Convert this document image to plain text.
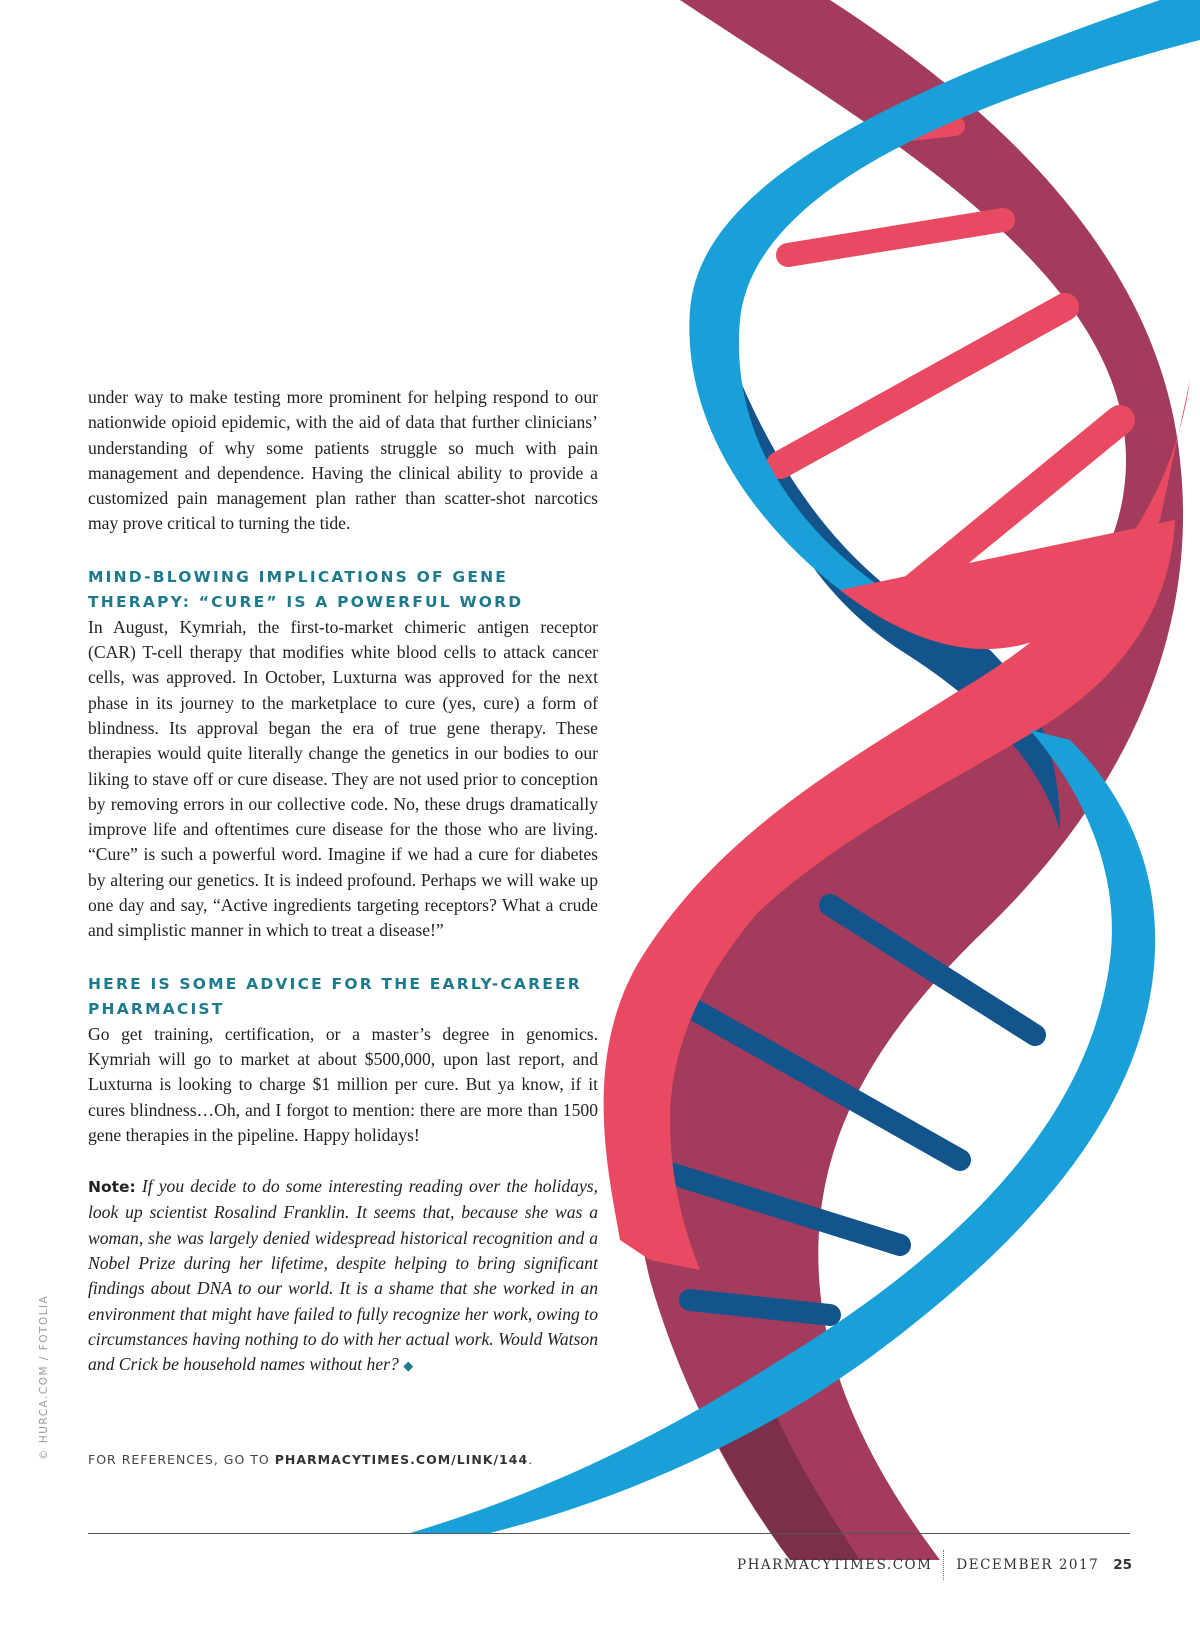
under way to make testing more prominent for helping respond to our nationwide opioid epidemic, with the aid of data that further clinicians’ understanding of why some patients struggle so much with pain management and dependence. Having the clinical ability to provide a customized pain management plan rather than scatter-shot narcotics may prove critical to turning the tide.

MIND-BLOWING IMPLICATIONS OF GENE THERAPY: “CURE” IS A POWERFUL WORD

In August, Kymriah, the first-to-market chimeric antigen receptor (CAR) T-cell therapy that modifies white blood cells to attack cancer cells, was approved. In October, Luxturna was approved for the next phase in its journey to the marketplace to cure (yes, cure) a form of blindness. Its approval began the era of true gene therapy. These therapies would quite literally change the genetics in our bodies to our liking to stave off or cure disease. They are not used prior to conception by removing errors in our collective code. No, these drugs dramatically improve life and oftentimes cure disease for the those who are living. “Cure” is such a powerful word. Imagine if we had a cure for diabetes by altering our genetics. It is indeed profound. Perhaps we will wake up one day and say, “Active ingredients targeting receptors? What a crude and simplistic manner in which to treat a disease!”

HERE IS SOME ADVICE FOR THE EARLY-CAREER PHARMACIST

Go get training, certification, or a master’s degree in genomics. Kymriah will go to market at about $500,000, upon last report, and Luxturna is looking to charge $1 million per cure. But ya know, if it cures blindness…Oh, and I forgot to mention: there are more than 1500 gene therapies in the pipeline. Happy holidays!

Note: If you decide to do some interesting reading over the holidays, look up scientist Rosalind Franklin. It seems that, because she was a woman, she was largely denied widespread historical recognition and a Nobel Prize during her lifetime, despite helping to bring significant findings about DNA to our world. It is a shame that she worked in an environment that might have failed to fully recognize her work, owing to circumstances having nothing to do with her actual work. Would Watson and Crick be household names without her? ◆

FOR REFERENCES, GO TO PHARMACYTIMES.COM/LINK/144.
© HURCA.COM / FOTOLIA
PHARMACYTIMES.COM DECEMBER 2017 25
